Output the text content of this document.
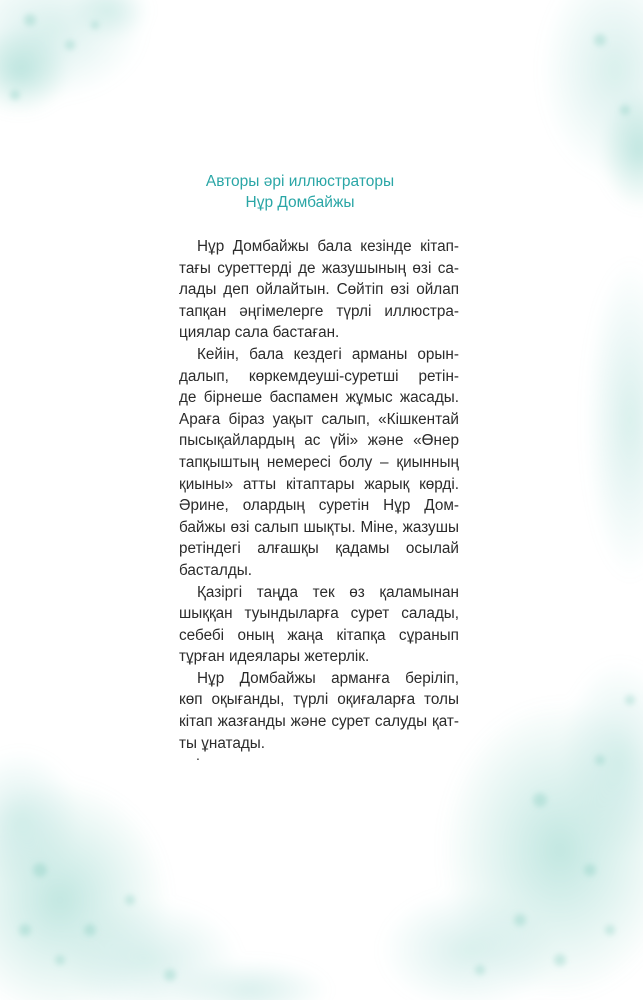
Авторы әрі иллюстраторы
Нұр Домбайжы
Нұр Домбайжы бала кезінде кітап-
тағы суреттерді де жазушының өзі са-
лады деп ойлайтын. Сөйтіп өзі ойлап
тапқан әңгімелерге түрлі иллюстра-
циялар сала бастаған.
Кейін, бала кездегі арманы орын-
далып, көркемдеуші-суретші ретін-
де бірнеше баспамен жұмыс жасады.
Араға біраз уақыт салып, «Кішкентай
пысықайлардың ас үйі» және «Өнер
тапқыштың немересі болу – қиынның
қиыны» атты кітаптары жарық көрді.
Әрине, олардың суретін Нұр Дом-
байжы өзі салып шықты. Міне, жазушы
ретіндегі алғашқы қадамы осылай
басталды.
Қазіргі таңда тек өз қаламынан
шыққан туындыларға сурет салады,
себебі оның жаңа кітапқа сұранып
тұрған идеялары жетерлік.
Нұр Домбайжы арманға беріліп,
көп оқығанды, түрлі оқиғаларға толы
кітап жазғанды және сурет салуды қат-
ты ұнатады.
.
